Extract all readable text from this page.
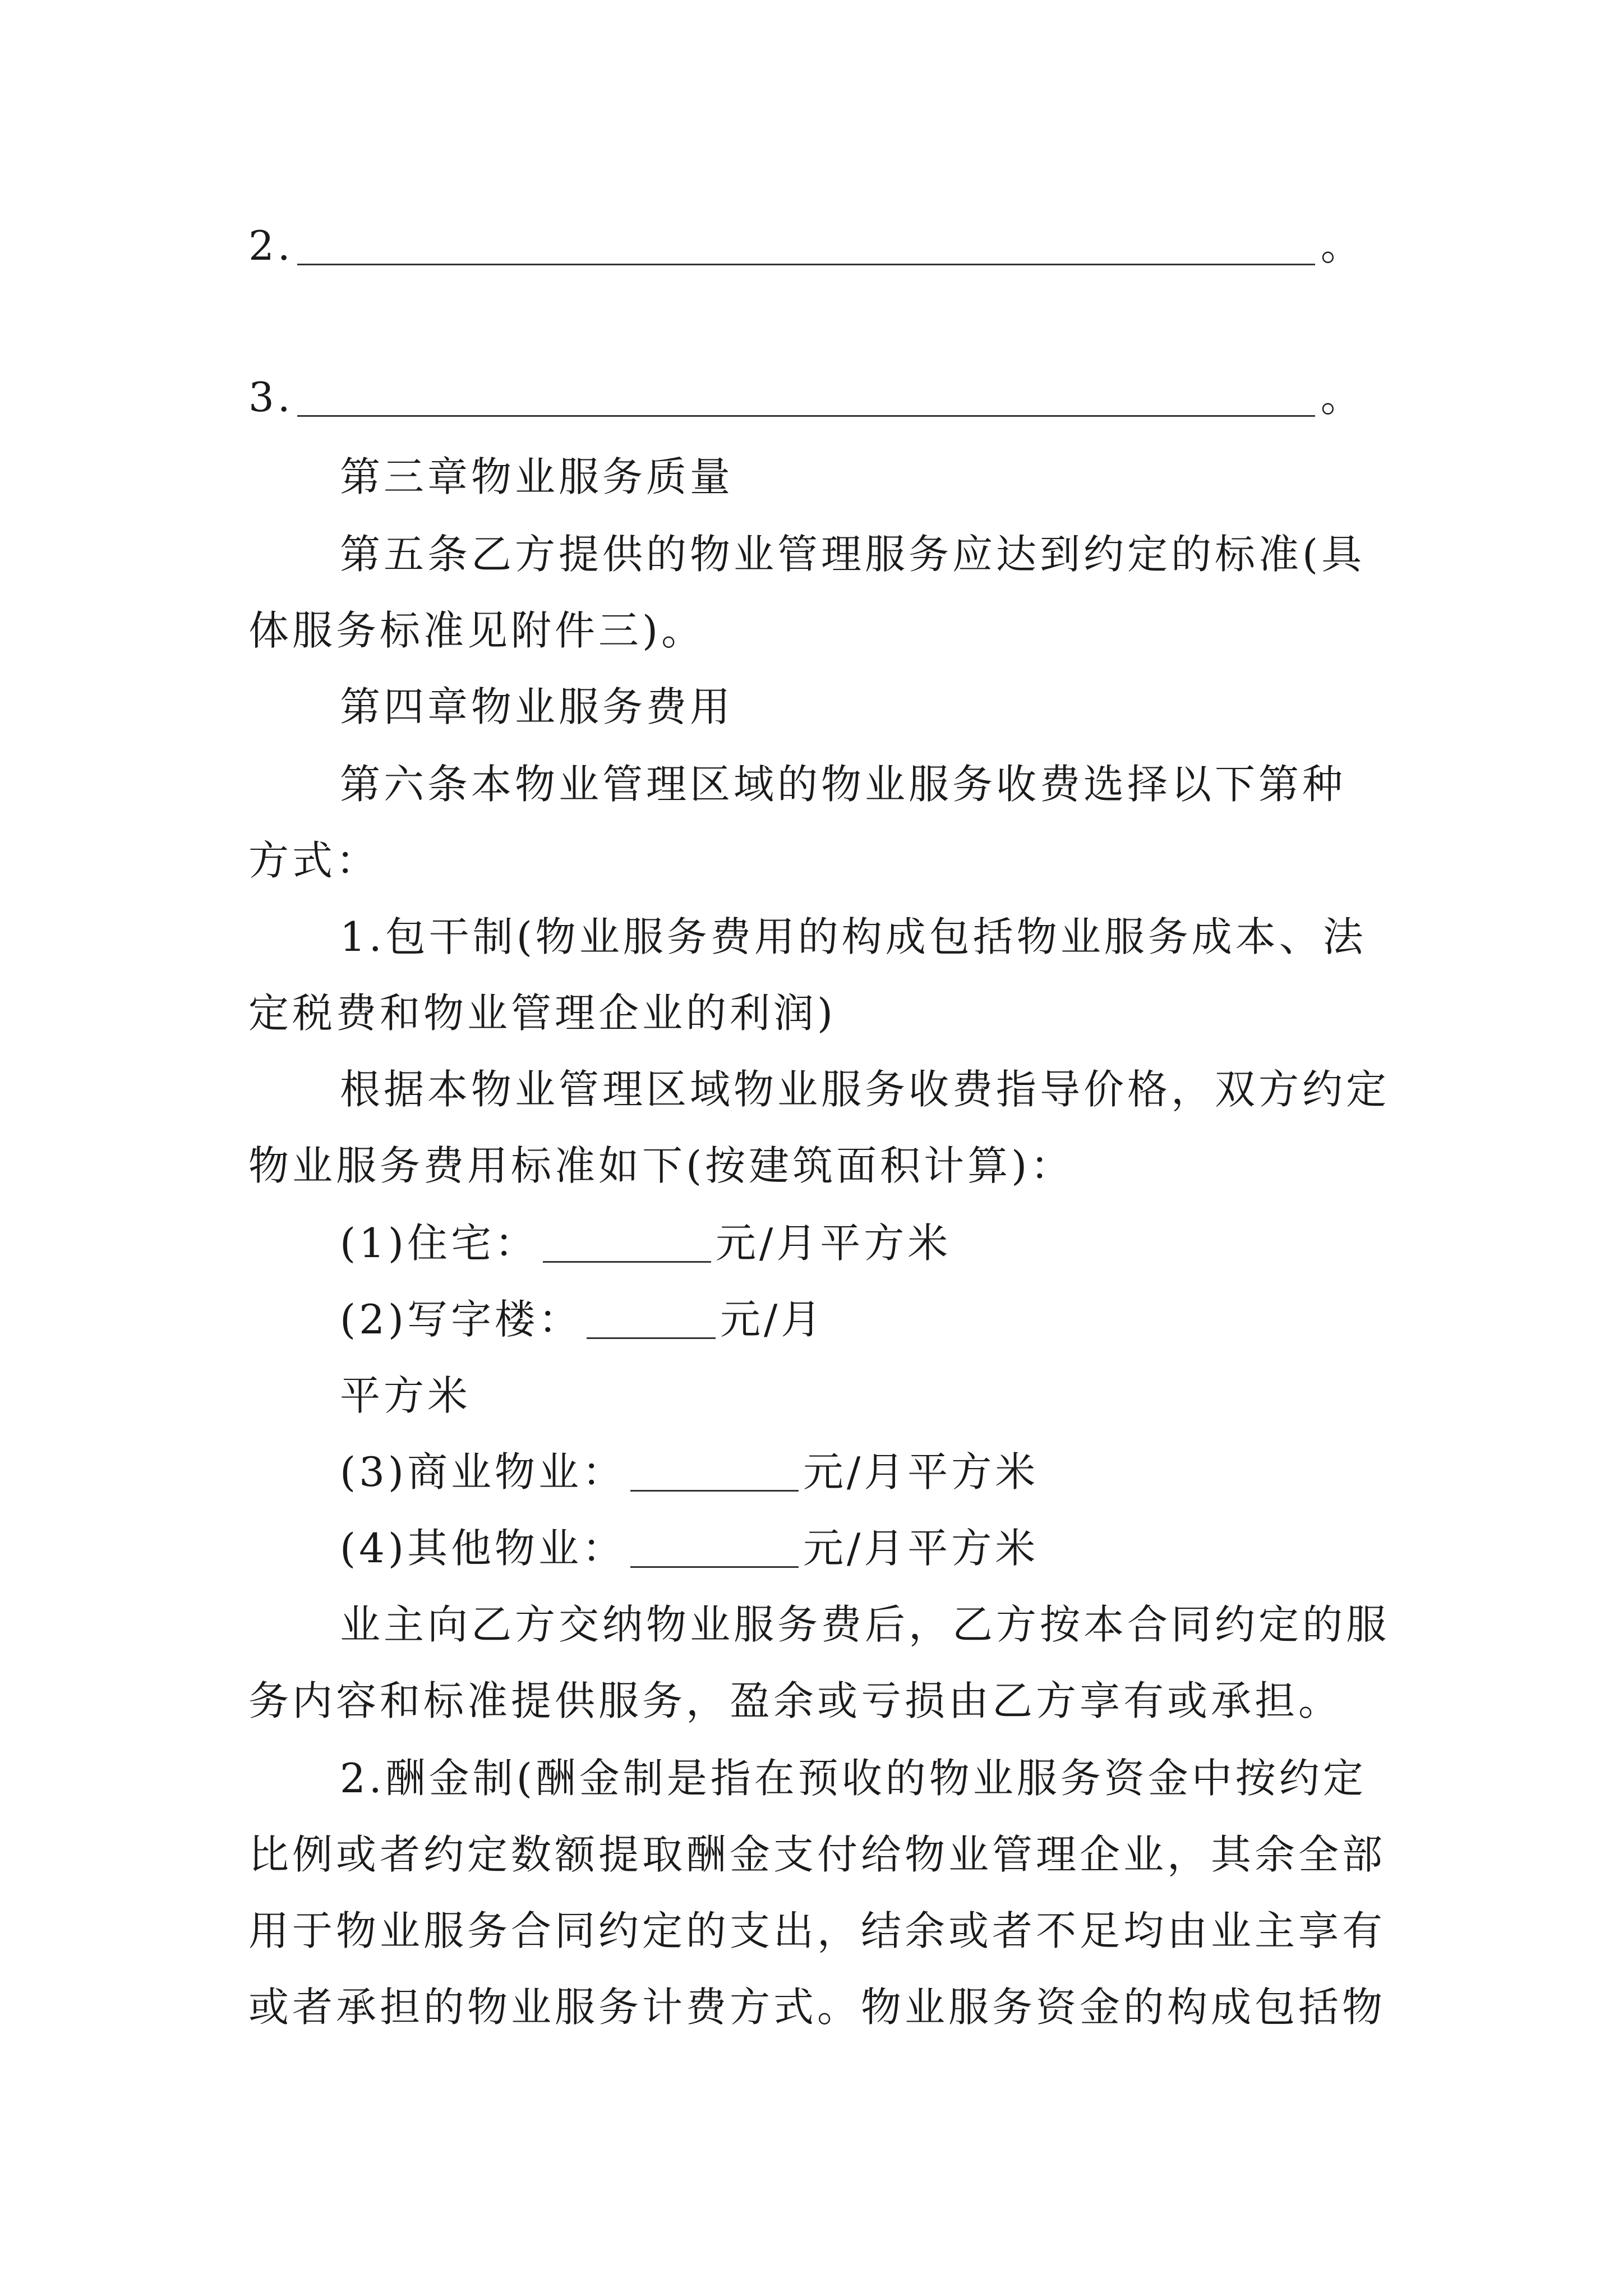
2.	。
3.	。
第三章物业服务质量
第五条乙方提供的物业管理服务应达到约定的标准(具
体服务标准见附件三)。
第四章物业服务费用
第六条本物业管理区域的物业服务收费选择以下第种
方式：
1.包干制(物业服务费用的构成包括物业服务成本、法
定税费和物业管理企业的利润)
根据本物业管理区域物业服务收费指导价格，双方约定
物业服务费用标准如下(按建筑面积计算)：
(1)住宅：	元/月平方米
(2)写字楼：	元/月
平方米
(3)商业物业：	元/月平方米
(4)其他物业：	元/月平方米
业主向乙方交纳物业服务费后，乙方按本合同约定的服
务内容和标准提供服务，盈余或亏损由乙方享有或承担。
2.酬金制(酬金制是指在预收的物业服务资金中按约定
比例或者约定数额提取酬金支付给物业管理企业，其余全部
用于物业服务合同约定的支出，结余或者不足均由业主享有
或者承担的物业服务计费方式。物业服务资金的构成包括物
